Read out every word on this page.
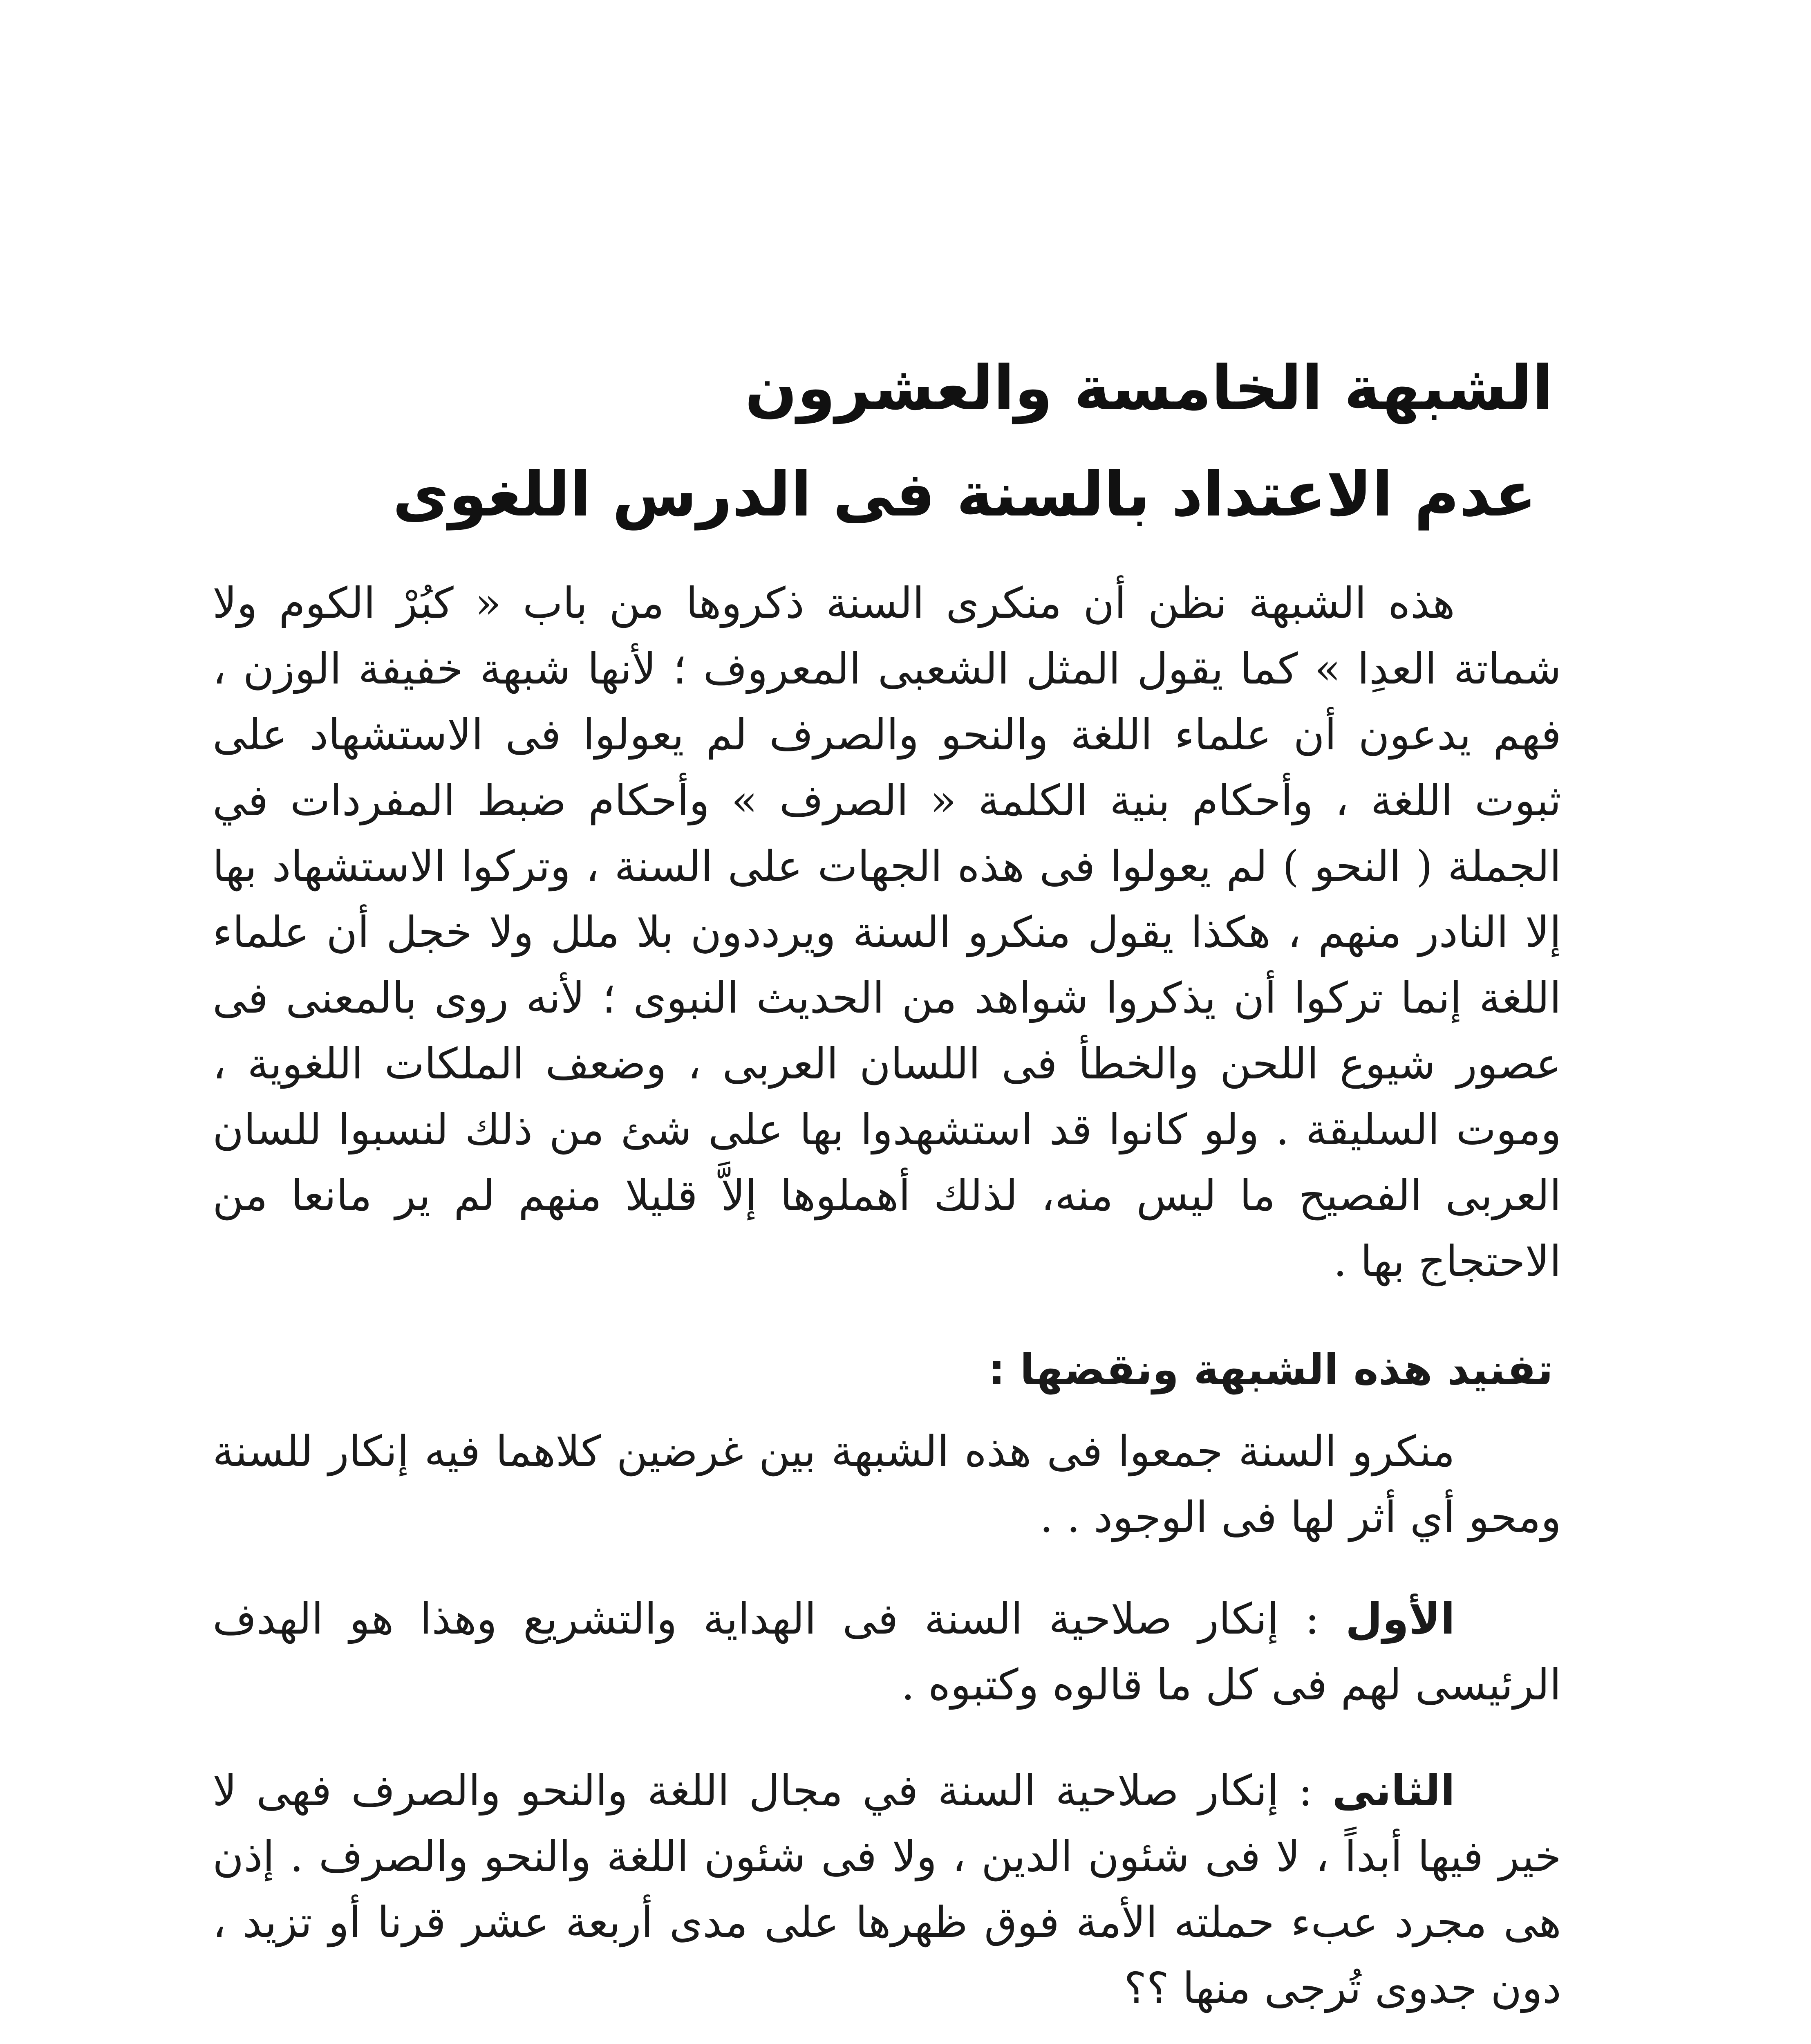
الشبهة الخامسة والعشرون
عدم الاعتداد بالسنة فى الدرس اللغوى

هذه الشبهة نظن أن منكرى السنة ذكروها من باب « كبُرْ الكوم ولا شماتة العدِا » كما يقول المثل الشعبى المعروف ؛ لأنها شبهة خفيفة الوزن ، فهم يدعون أن علماء اللغة والنحو والصرف لم يعولوا فى الاستشهاد على ثبوت اللغة ، وأحكام بنية الكلمة « الصرف » وأحكام ضبط المفردات في الجملة ( النحو ) لم يعولوا فى هذه الجهات على السنة ، وتركوا الاستشهاد بها إلا النادر منهم ، هكذا يقول منكرو السنة ويرددون بلا ملل ولا خجل أن علماء اللغة إنما تركوا أن يذكروا شواهد من الحديث النبوى ؛ لأنه روى بالمعنى فى عصور شيوع اللحن والخطأ فى اللسان العربى ، وضعف الملكات اللغوية ، وموت السليقة . ولو كانوا قد استشهدوا بها على شئ من ذلك لنسبوا للسان العربى الفصيح ما ليس منه، لذلك أهملوها إلاَّ قليلا منهم لم ير مانعا من الاحتجاج بها .

تفنيد هذه الشبهة ونقضها :

منكرو السنة جمعوا فى هذه الشبهة بين غرضين كلاهما فيه إنكار للسنة ومحو أي أثر لها فى الوجود . .

الأول : إنكار صلاحية السنة فى الهداية والتشريع وهذا هو الهدف الرئيسى لهم فى كل ما قالوه وكتبوه .

الثانى : إنكار صلاحية السنة في مجال اللغة والنحو والصرف فهى لا خير فيها أبداً ، لا فى شئون الدين ، ولا فى شئون اللغة والنحو والصرف . إذن هى مجرد عبء حملته الأمة فوق ظهرها على مدى أربعة عشر قرنا أو تزيد ، دون جدوى تُرجى منها ؟؟
